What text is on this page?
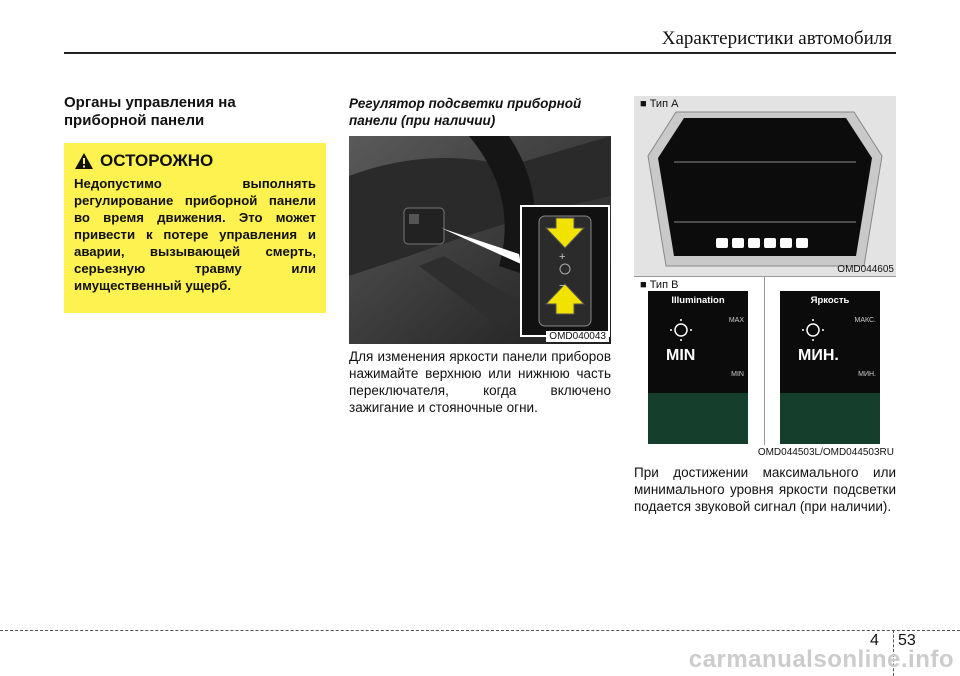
Характеристики автомобиля
Органы управления на приборной панели
ОСТОРОЖНО
Недопустимо выполнять регулирование приборной панели во время движения. Это может привести к потере управления и аварии, вызывающей смерть, серьезную травму или имущественный ущерб.
Регулятор подсветки приборной панели (при наличии)
+
−
OMD040043
Для изменения яркости панели приборов нажимайте верхнюю или нижнюю часть переключателя, когда включено зажигание и стояночные огни.
■ Тип A
OMD044605
■ Тип B
Illumination
MIN
MAX
MIN
Яркость
МИН.
МАКС.
МИН.
OMD044503L/OMD044503RU
При достижении максимального или минимального уровня яркости подсветки подается звуковой сигнал (при наличии).
4 53
carmanualsonline.info
